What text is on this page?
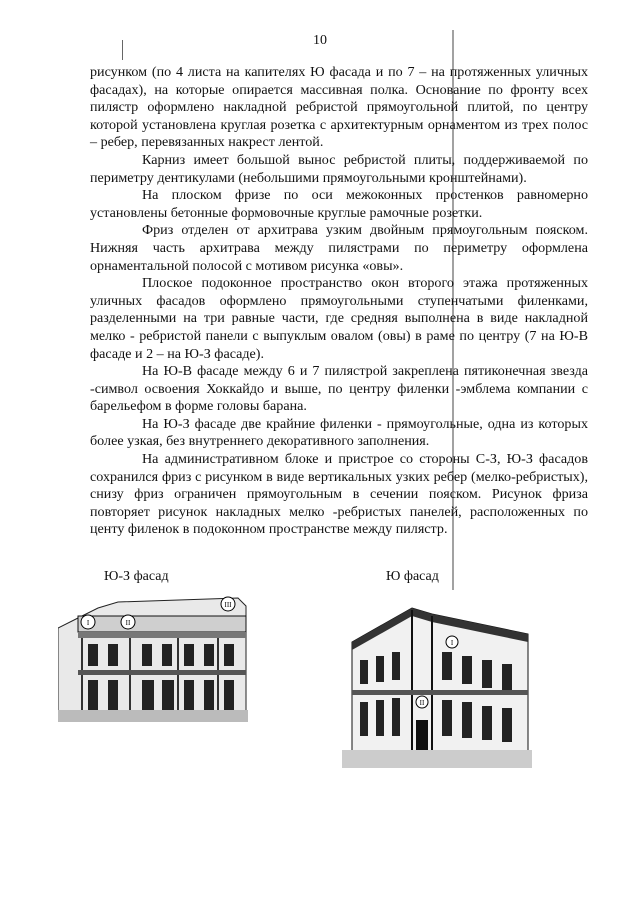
10

рисунком (по 4 листа на капителях Ю фасада и по 7 – на протяженных уличных фасадах), на которые опирается массивная полка. Основание по фронту всех пилястр оформлено накладной ребристой прямоугольной плитой, по центру которой установлена круглая розетка с архитектурным орнаментом из трех полос – ребер, перевязанных накрест лентой.

Карниз имеет большой вынос ребристой плиты, поддерживаемой по периметру дентикулами (небольшими прямоугольными кронштейнами).

На плоском фризе по оси межоконных простенков равномерно установлены бетонные формовочные круглые рамочные розетки.

Фриз отделен от архитрава узким двойным прямоугольным пояском. Нижняя часть архитрава между пилястрами по периметру оформлена орнаментальной полосой с мотивом рисунка «овы».

Плоское подоконное пространство окон второго этажа протяженных уличных фасадов оформлено прямоугольными ступенчатыми филенками, разделенными на три равные части, где средняя выполнена в виде накладной мелко - ребристой панели с выпуклым овалом (овы) в раме по центру (7 на Ю-В фасаде и 2 – на Ю-З фасаде).

На Ю-В фасаде между 6 и 7 пилястрой закреплена пятиконечная звезда -символ освоения Хоккайдо и выше, по центру филенки -эмблема компании с барельефом в форме головы барана.

На Ю-З фасаде две крайние филенки - прямоугольные, одна из которых более узкая, без внутреннего декоративного заполнения.

На административном блоке и пристрое со стороны С-З, Ю-З фасадов сохранился фриз с рисунком в виде вертикальных узких ребер (мелко-ребристых), снизу фриз ограничен прямоугольным в сечении пояском. Рисунок фриза повторяет рисунок накладных мелко -ребристых панелей, расположенных по центу филенок в подоконном пространстве между пилястр.

Ю-З фасад	Ю фасад
I
III
II
II
I
